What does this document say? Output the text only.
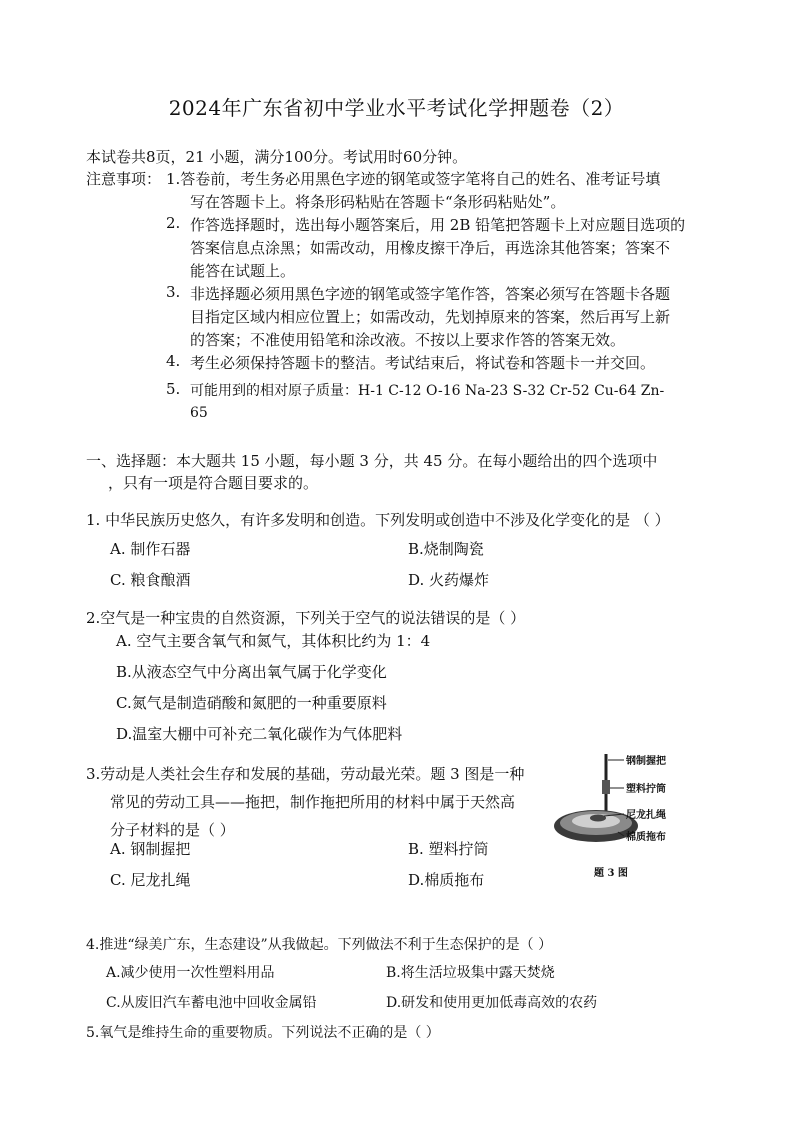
2024年广东省初中学业水平考试化学押题卷（2）
本试卷共8页，21 小题，满分100分。考试用时60分钟。
注意事项： 1.答卷前，考生务必用黑色字迹的钢笔或签字笔将自己的姓名、准考证号填
写在答题卡上。将条形码粘贴在答题卡“条形码粘贴处”。
2. 作答选择题时，选出每小题答案后，用 2B 铅笔把答题卡上对应题目选项的
答案信息点涂黑；如需改动，用橡皮擦干净后，再选涂其他答案；答案不
能答在试题上。
3. 非选择题必须用黑色字迹的钢笔或签字笔作答，答案必须写在答题卡各题
目指定区域内相应位置上；如需改动，先划掉原来的答案，然后再写上新
的答案；不准使用铅笔和涂改液。不按以上要求作答的答案无效。
4. 考生必须保持答题卡的整洁。考试结束后，将试卷和答题卡一并交回。
5. 可能用到的相对原子质量：H-1 C-12 O-16 Na-23 S-32 Cr-52 Cu-64 Zn-
65
一、选择题：本大题共 15 小题，每小题 3 分，共 45 分。在每小题给出的四个选项中
，只有一项是符合题目要求的。
1. 中华民族历史悠久，有许多发明和创造。下列发明或创造中不涉及化学变化的是 （ ）
A. 制作石器	B.烧制陶瓷
C. 粮食酿酒	D. 火药爆炸
2.空气是一种宝贵的自然资源，下列关于空气的说法错误的是（ ）
A. 空气主要含氧气和氮气，其体积比约为 1：4
B.从液态空气中分离出氧气属于化学变化
C.氮气是制造硝酸和氮肥的一种重要原料
D.温室大棚中可补充二氧化碳作为气体肥料
3.劳动是人类社会生存和发展的基础，劳动最光荣。题 3 图是一种
常见的劳动工具——拖把，制作拖把所用的材料中属于天然高
分子材料的是（ ）
A. 钢制握把	B. 塑料拧筒
C. 尼龙扎绳	D.棉质拖布
钢制握把
塑料拧筒
尼龙扎绳
棉质拖布
题 3 图
4.推进“绿美广东，生态建设”从我做起。下列做法不利于生态保护的是（ ）
A.减少使用一次性塑料用品	B.将生活垃圾集中露天焚烧
C.从废旧汽车蓄电池中回收金属铅	D.研发和使用更加低毒高效的农药
5.氧气是维持生命的重要物质。下列说法不正确的是（ ）
